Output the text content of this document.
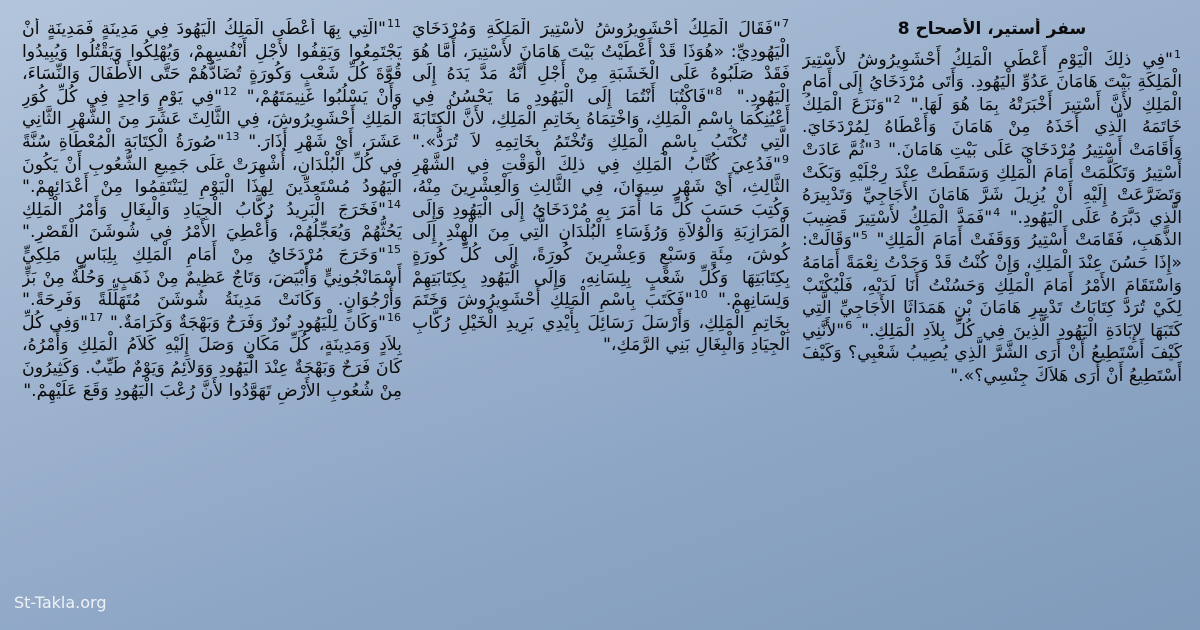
سفر أستير، الأصحاح 8
$^1$"فِي ذلِكَ الْيَوْمِ أَعْطَى الْمَلِكُ أَحْشَوِيرُوشُ لأَسْتِيرَ الْمَلِكَةِ بَيْتَ هَامَانَ عَدُوِّ الْيَهُودِ. وَأَتَى مُرْدَخَايُ إِلَى أَمَامِ الْمَلِكِ لأَنَّ أَسْتِيرَ أَخْبَرَتْهُ بِمَا هُوَ لَهَا." $^2$"وَنَزَعَ الْمَلِكُ خَاتَمَهُ الَّذِي أَخَذَهُ مِنْ هَامَانَ وَأَعْطَاهُ لِمُرْدَخَايَ. وَأَقَامَتْ أَسْتِيرُ مُرْدَخَايَ عَلَى بَيْتِ هَامَانَ." $^3$"ثُمَّ عَادَتْ أَسْتِيرُ وَتَكَلَّمَتْ أَمَامَ الْمَلِكِ وَسَقَطَتْ عِنْدَ رِجْلَيْهِ وَبَكَتْ وَتَضَرَّعَتْ إِلَيْهِ أَنْ يُزِيلَ شَرَّ هَامَانَ الأَجَاجِيِّ وَتَدْبِيرَهُ الَّذِي دَبَّرَهُ عَلَى الْيَهُودِ." $^4$"فَمَدَّ الْمَلِكُ لأَسْتِيرَ قَضِيبَ الذَّهَبِ، فَقَامَتْ أَسْتِيرُ وَوَقَفَتْ أَمَامَ الْمَلِكِ" $^5$"وَقَالَتْ: «إِذَا حَسُنَ عِنْدَ الْمَلِكِ، وَإِنْ كُنْتُ قَدْ وَجَدْتُ نِعْمَةً أَمَامَهُ وَاسْتَقَامَ الأَمْرُ أَمَامَ الْمَلِكِ وَحَسُنْتُ أَنَا لَدَيْهِ، فَلْيُكْتَبْ لِكَيْ تُرَدَّ كِتَابَاتُ تَدْبِيرِ هَامَانَ بْنِ هَمَدَاثَا الأَجَاجِيِّ الَّتِي كَتَبَهَا لإِبَادَةِ الْيَهُودِ الَّذِينَ فِي كُلِّ بِلاَدِ الْمَلِكِ." $^6$"لأَنَّنِي كَيْفَ أَسْتَطِيعُ أَنْ أَرَى الشَّرَّ الَّذِي يُصِيبُ شَعْبِي؟ وَكَيْفَ أَسْتَطِيعُ أَنْ أَرَى هَلاَكَ جِنْسِي؟»."
$^7$"فَقَالَ الْمَلِكُ أَحْشَوِيرُوشُ لأَسْتِيرَ الْمَلِكَةِ وَمُرْدَخَايَ الْيَهُودِيِّ: «هُوَذَا قَدْ أَعْطَيْتُ بَيْتَ هَامَانَ لأَسْتِيرَ، أَمَّا هُوَ فَقَدْ صَلَبُوهُ عَلَى الْخَشَبَةِ مِنْ أَجْلِ أَنَّهُ مَدَّ يَدَهُ إِلَى الْيَهُودِ." $^8$"فَاكْتُبَا أَنْتُمَا إِلَى الْيَهُودِ مَا يَحْسُنُ فِي أَعْيُنِكُمَا بِاسْمِ الْمَلِكِ، وَاخْتِمَاهُ بِخَاتِمِ الْمَلِكِ، لأَنَّ الْكِتَابَةَ الَّتِي تُكْتَبُ بِاسْمِ الْمَلِكِ وَتُخْتَمُ بِخَاتِمِهِ لاَ تُرَدُّ»." $^9$"فَدُعِيَ كُتَّابُ الْمَلِكِ فِي ذلِكَ الْوَقْتِ فِي الشَّهْرِ الثَّالِثِ، أَيْ شَهْرِ سِيوَانَ، فِي الثَّالِثِ وَالْعِشْرِينَ مِنْهُ، وَكُتِبَ حَسَبَ كُلِّ مَا أَمَرَ بِهِ مُرْدَخَايُ إِلَى الْيَهُودِ وَإِلَى الْمَرَازِبَةِ وَالْوُلاَةِ وَرُؤَسَاءِ الْبُلْدَانِ الَّتِي مِنَ الْهِنْدِ إِلَى كُوشَ، مِئَةٍ وَسَبْعٍ وَعِشْرِينَ كُورَةً، إِلَى كُلِّ كُورَةٍ بِكِتَابَتِهَا وَكُلِّ شَعْبٍ بِلِسَانِهِ، وَإِلَى الْيَهُودِ بِكِتَابَتِهِمْ وَلِسَانِهِمْ." $^{10}$"فَكَتَبَ بِاسْمِ الْمَلِكِ أَحْشَوِيرُوشَ وَخَتَمَ بِخَاتِمِ الْمَلِكِ، وَأَرْسَلَ رَسَائِلَ بِأَيْدِي بَرِيدِ الْخَيْلِ رُكَّابِ الْجِيَادِ وَالْبِغَالِ بَنِي الرَّمَكِ،"
$^{11}$"الَّتِي بِهَا أَعْطَى الْمَلِكُ الْيَهُودَ فِي مَدِينَةٍ فَمَدِينَةٍ أَنْ يَجْتَمِعُوا وَيَقِفُوا لأَجْلِ أَنْفُسِهِمْ، وَيُهْلِكُوا وَيَقْتُلُوا وَيُبِيدُوا قُوَّةَ كُلِّ شَعْبٍ وَكُورَةٍ تُضَادُّهُمْ حَتَّى الأَطْفَالَ وَالنِّسَاءَ، وَأَنْ يَسْلُبُوا غَنِيمَتَهُمْ،" $^{12}$"فِي يَوْمٍ وَاحِدٍ فِي كُلِّ كُوَرِ الْمَلِكِ أَحْشَوِيرُوشَ، فِي الثَّالِثَ عَشَرَ مِنَ الشَّهْرِ الثَّانِي عَشَرَ، أَيْ شَهْرِ أَذَارَ." $^{13}$"صُورَةُ الْكِتَابَةِ الْمُعْطَاةِ سُنَّةً فِي كُلِّ الْبُلْدَانِ، أُشْهِرَتْ عَلَى جَمِيعِ الشُّعُوبِ أَنْ يَكُونَ الْيَهُودُ مُسْتَعِدِّينَ لِهذَا الْيَوْمِ لِيَنْتَقِمُوا مِنْ أَعْدَائِهِمْ." $^{14}$"فَخَرَجَ الْبَرِيدُ رُكَّابُ الْجِيَادِ وَالْبِغَالِ وَأَمْرُ الْمَلِكِ يَحُثُّهُمْ وَيُعَجِّلُهُمْ، وَأُعْطِيَ الأَمْرُ فِي شُوشَنَ الْقَصْرِ." $^{15}$"وَخَرَجَ مُرْدَخَايُ مِنْ أَمَامِ الْمَلِكِ بِلِبَاسٍ مَلِكِيٍّ أَسْمَانْجُونِيٍّ وَأَبْيَضَ، وَتَاجٌ عَظِيمٌ مِنْ ذَهَبٍ، وَحُلَّةٌ مِنْ بَزٍّ وَأُرْجُوَانٍ. وَكَانَتْ مَدِينَةُ شُوشَنَ مُتَهَلِّلَةً وَفَرِحَةً." $^{16}$"وَكَانَ لِلْيَهُودِ نُورٌ وَفَرَحٌ وَبَهْجَةٌ وَكَرَامَةٌ." $^{17}$"وَفِي كُلِّ بِلاَدٍ وَمَدِينَةٍ، كُلِّ مَكَانٍ وَصَلَ إِلَيْهِ كَلاَمُ الْمَلِكِ وَأَمْرُهُ، كَانَ فَرَحٌ وَبَهْجَةٌ عِنْدَ الْيَهُودِ وَوَلاَئِمُ وَيَوْمٌ طَيِّبٌ. وَكَثِيرُونَ مِنْ شُعُوبِ الأَرْضِ تَهَوَّدُوا لأَنَّ رُعْبَ الْيَهُودِ وَقَعَ عَلَيْهِمْ."
St-Takla.org
